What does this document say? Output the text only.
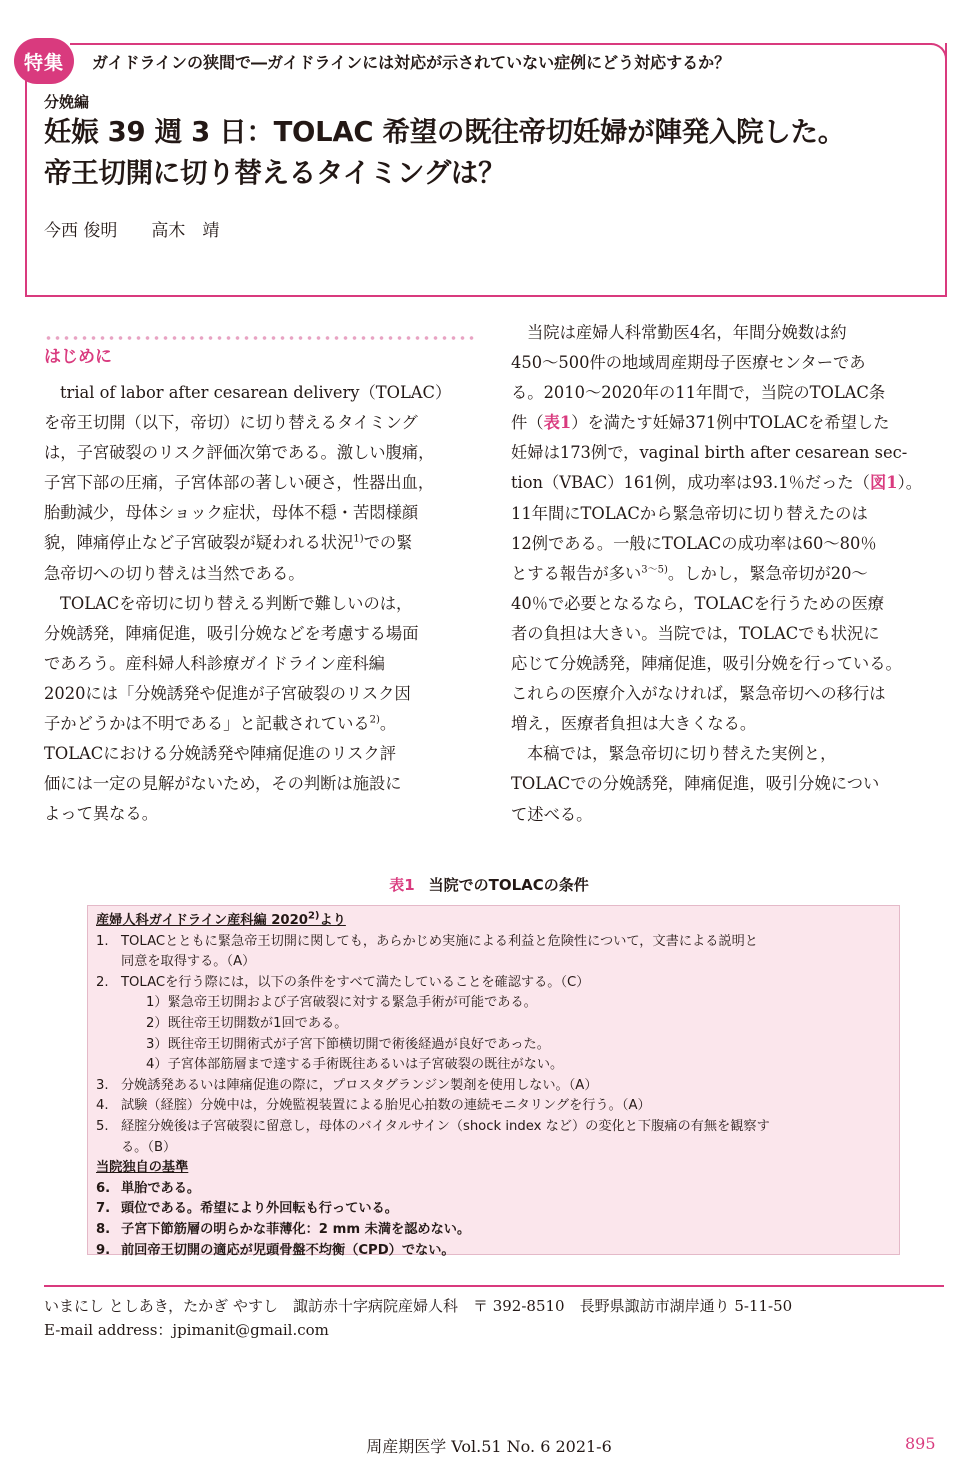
特集	ガイドラインの狭間で―ガイドラインには対応が示されていない症例にどう対応するか？
分娩編
妊娠 39 週 3 日：TOLAC 希望の既往帝切妊婦が陣発入院した。
帝王切開に切り替えるタイミングは？
今西 俊明　　高木　靖
はじめに
trial of labor after cesarean delivery（TOLAC）
を帝王切開（以下，帝切）に切り替えるタイミング
は，子宮破裂のリスク評価次第である。激しい腹痛，
子宮下部の圧痛，子宮体部の著しい硬さ，性器出血，
胎動減少，母体ショック症状，母体不穏・苦悶様顔
貌，陣痛停止など子宮破裂が疑われる状況$^{1)}$での緊
急帝切への切り替えは当然である。
TOLACを帝切に切り替える判断で難しいのは，
分娩誘発，陣痛促進，吸引分娩などを考慮する場面
であろう。産科婦人科診療ガイドライン産科編
2020には「分娩誘発や促進が子宮破裂のリスク因
子かどうかは不明である」と記載されている$^{2)}$。
TOLACにおける分娩誘発や陣痛促進のリスク評
価には一定の見解がないため，その判断は施設に
よって異なる。
当院は産婦人科常勤医4名，年間分娩数は約
450～500件の地域周産期母子医療センターであ
る。2010～2020年の11年間で，当院のTOLAC条
件（表1）を満たす妊婦371例中TOLACを希望した
妊婦は173例で，vaginal birth after cesarean sec-
tion（VBAC）161例，成功率は93.1％だった（図1）。
11年間にTOLACから緊急帝切に切り替えたのは
12例である。一般にTOLACの成功率は60～80％
とする報告が多い$^{3\sim 5)}$。しかし，緊急帝切が20～
40％で必要となるなら，TOLACを行うための医療
者の負担は大きい。当院では，TOLACでも状況に
応じて分娩誘発，陣痛促進，吸引分娩を行っている。
これらの医療介入がなければ，緊急帝切への移行は
増え，医療者負担は大きくなる。
本稿では，緊急帝切に切り替えた実例と，
TOLACでの分娩誘発，陣痛促進，吸引分娩につい
て述べる。
表1 当院でのTOLACの条件
産婦人科ガイドライン産科編 2020$^{2)}$より
1. TOLACとともに緊急帝王切開に関しても，あらかじめ実施による利益と危険性について，文書による説明と
同意を取得する。（A）
2. TOLACを行う際には，以下の条件をすべて満たしていることを確認する。（C）
1）緊急帝王切開および子宮破裂に対する緊急手術が可能である。
2）既往帝王切開数が1回である。
3）既往帝王切開術式が子宮下節横切開で術後経過が良好であった。
4）子宮体部筋層まで達する手術既往あるいは子宮破裂の既往がない。
3. 分娩誘発あるいは陣痛促進の際に，プロスタグランジン製剤を使用しない。（A）
4. 試験（経腟）分娩中は，分娩監視装置による胎児心拍数の連続モニタリングを行う。（A）
5. 経腟分娩後は子宮破裂に留意し，母体のバイタルサイン（shock index など）の変化と下腹痛の有無を観察す
る。（B）
当院独自の基準
6. 単胎である。
7. 頭位である。希望により外回転も行っている。
8. 子宮下節筋層の明らかな菲薄化：2 mm 未満を認めない。
9. 前回帝王切開の適応が児頭骨盤不均衡（CPD）でない。
いまにし としあき，たかぎ やすし　諏訪赤十字病院産婦人科　〒 392-8510　長野県諏訪市湖岸通り 5-11-50
E-mail address：jpimanit@gmail.com
周産期医学 Vol.51 No. 6 2021-6	895
